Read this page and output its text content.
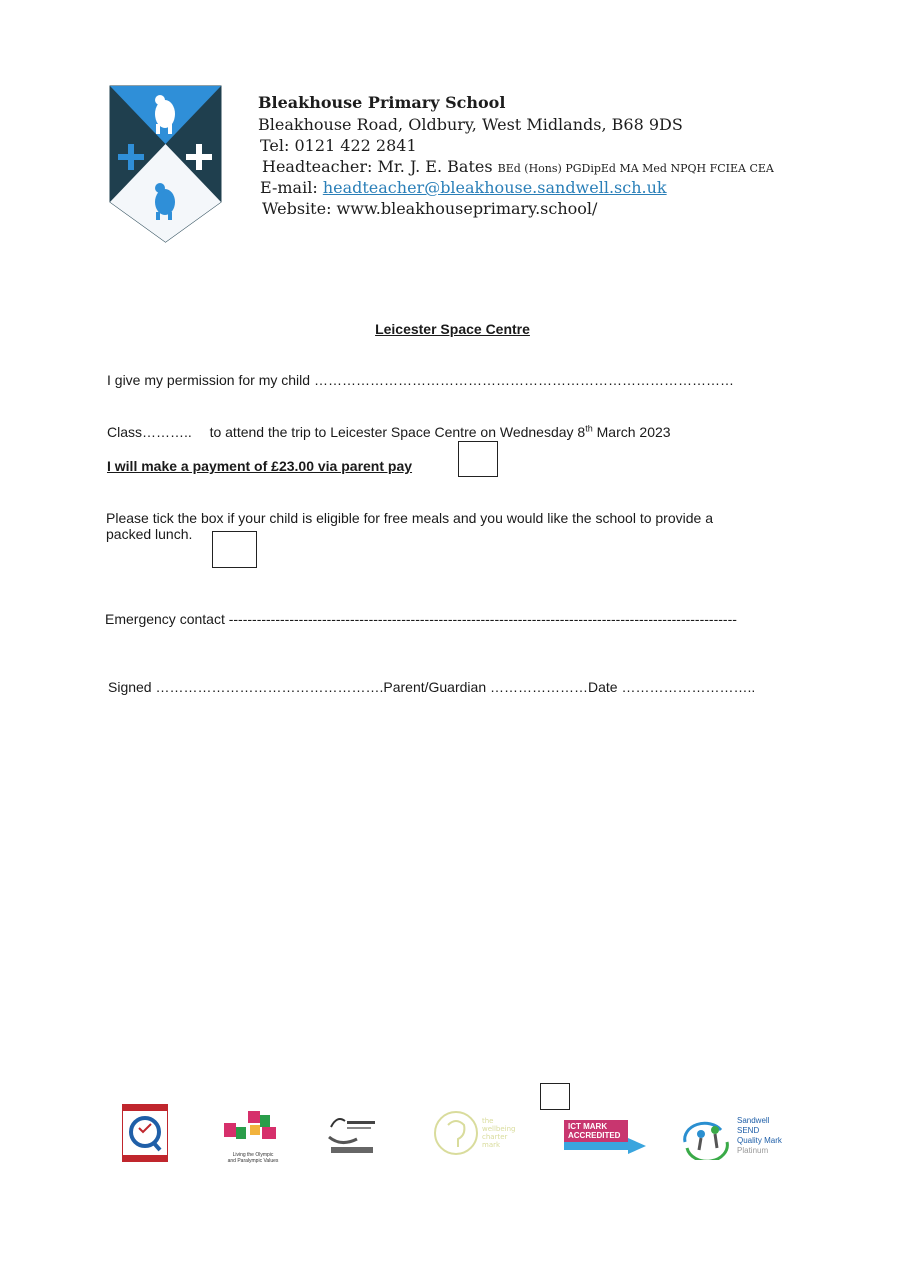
Bleakhouse Primary School
Bleakhouse Road, Oldbury, West Midlands, B68 9DS
Tel: 0121 422 2841
Headteacher: Mr. J. E. Bates BEd (Hons) PGDipEd MA Med NPQH FCIEA CEA
E-mail: headteacher@bleakhouse.sandwell.sch.uk
Website: www.bleakhouseprimary.school/
Leicester Space Centre
I give my permission for my child ………………………………………………………………………………
Class……….. to attend the trip to Leicester Space Centre on Wednesday 8th March 2023
I will make a payment of £23.00 via parent pay
Please tick the box if your child is eligible for free meals and you would like the school to provide a
packed lunch.
Emergency contact -------------------------------------------------------------------------------------------------------------
Signed ………………………………………….Parent/Guardian …………………Date ………………………..
Living the Olympic
and Paralympic Values
the
wellbeing
charter
mark
ICT MARK
ACCREDITED
Sandwell
SEND
Quality Mark
Platinum
